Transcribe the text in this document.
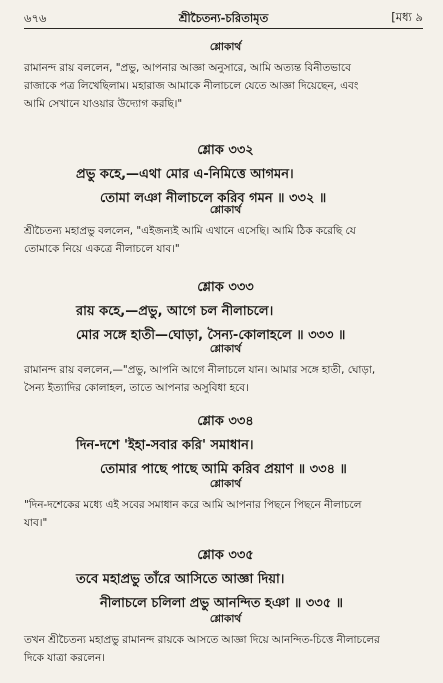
৬৭৬	শ্রীচৈতন্য-চরিতামৃত	[মধ্য ৯

শ্লোকার্থ

রামানন্দ রায় বললেন, "প্রভু, আপনার আজ্ঞা অনুসারে, আমি অত্যন্ত বিনীতভাবে

রাজাকে পত্র লিখেছিলাম। মহারাজ আমাকে নীলাচলে যেতে আজ্ঞা দিয়েছেন, এবং

আমি সেখানে যাওয়ার উদ্যোগ করছি।"

শ্লোক ৩৩২

প্রভু কহে,—এথা মোর এ-নিমিত্তে আগমন।

তোমা লঞা নীলাচলে করিব গমন ॥ ৩৩২ ॥

শ্লোকার্থ

শ্রীচৈতন্য মহাপ্রভু বললেন, "এইজন্যই আমি এখানে এসেছি। আমি ঠিক করেছি যে

তোমাকে নিয়ে একত্রে নীলাচলে যাব।"

শ্লোক ৩৩৩

রায় কহে,—প্রভু, আগে চল নীলাচলে।

মোর সঙ্গে হাতী—ঘোড়া, সৈন্য-কোলাহলে ॥ ৩৩৩ ॥

শ্লোকার্থ

রামানন্দ রায় বললেন,—"প্রভু, আপনি আগে নীলাচলে যান। আমার সঙ্গে হাতী, ঘোড়া,

সৈন্য ইত্যাদির কোলাহল, তাতে আপনার অসুবিধা হবে।

শ্লোক ৩৩৪

দিন-দশে 'ইহা-সবার করি' সমাধান।

তোমার পাছে পাছে আমি করিব প্রয়াণ ॥ ৩৩৪ ॥

শ্লোকার্থ

"দিন-দশেকের মধ্যে এই সবের সমাধান করে আমি আপনার পিছনে পিছনে নীলাচলে

যাব।"

শ্লোক ৩৩৫

তবে মহাপ্রভু তাঁরে আসিতে আজ্ঞা দিয়া।

নীলাচলে চলিলা প্রভু আনন্দিত হঞা ॥ ৩৩৫ ॥

শ্লোকার্থ

তখন শ্রীচৈতন্য মহাপ্রভু রামানন্দ রায়কে আসতে আজ্ঞা দিয়ে আনন্দিত-চিত্তে নীলাচলের

দিকে যাত্রা করলেন।
